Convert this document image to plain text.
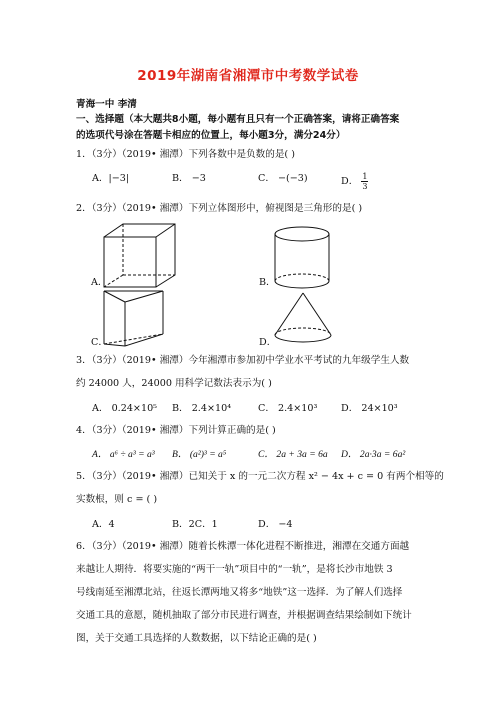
2019年湖南省湘潭市中考数学试卷
青海一中 李清
一、选择题（本大题共8小题，每小题有且只有一个正确答案，请将正确答案
的选项代号涂在答题卡相应的位置上，每小题3分，满分24分）
1．（3分）（2019• 湘潭）下列各数中是负数的是( )
A．|−3|	B． −3	C． −(−3)	D． $\frac{1}{3}$
2．（3分）（2019• 湘潭）下列立体图形中，俯视图是三角形的是( )
A．	B．
C．	D．
3．（3分）（2019• 湘潭）今年湘潭市参加初中学业水平考试的九年级学生人数
约 24000 人，24000 用科学记数法表示为( )
A． 0.24×10⁵ B． 2.4×10⁴	C． 2.4×10³ D． 24×10³
4．（3分）（2019• 湘潭）下列计算正确的是( )
A． a⁶ ÷ a³ = a³ B． (a²)³ = a⁵	C． 2a + 3a = 6a D． 2a·3a = 6a²
5．（3分）（2019• 湘潭）已知关于 x 的一元二次方程 x² − 4x + c = 0 有两个相等的
实数根，则 c = ( )
A．4	B．2C．1	D． −4
6．（3分）（2019• 湘潭）随着长株潭一体化进程不断推进，湘潭在交通方面越
来越让人期待．将要实施的“两干一轨”项目中的“一轨”，是将长沙市地铁 3
号线南延至湘潭北站，往返长潭两地又将多“地铁”这一选择．为了解人们选择
交通工具的意愿，随机抽取了部分市民进行调查，并根据调查结果绘制如下统计
图，关于交通工具选择的人数数据，以下结论正确的是( )
